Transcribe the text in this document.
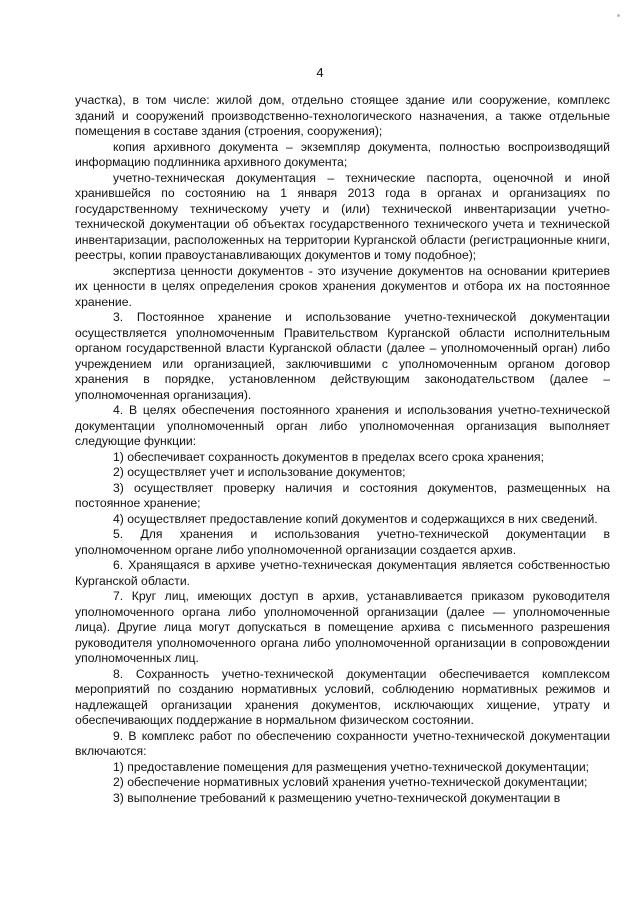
4

участка), в том числе: жилой дом, отдельно стоящее здание или сооружение, комплекс зданий и сооружений производственно-технологического назначения, а также отдельные помещения в составе здания (строения, сооружения);

копия архивного документа – экземпляр документа, полностью воспроизводящий информацию подлинника архивного документа;

учетно-техническая документация – технические паспорта, оценочной и иной хранившейся по состоянию на 1 января 2013 года в органах и организациях по государственному техническому учету и (или) технической инвентаризации учетно-технической документации об объектах государственного технического учета и технической инвентаризации, расположенных на территории Курганской области (регистрационные книги, реестры, копии правоустанавливающих документов и тому подобное);

экспертиза ценности документов - это изучение документов на основании критериев их ценности в целях определения сроков хранения документов и отбора их на постоянное хранение.

3. Постоянное хранение и использование учетно-технической документации осуществляется уполномоченным Правительством Курганской области исполнительным органом государственной власти Курганской области (далее – уполномоченный орган) либо учреждением или организацией, заключившими с уполномоченным органом договор хранения в порядке, установленном действующим законодательством (далее – уполномоченная организация).

4. В целях обеспечения постоянного хранения и использования учетно-технической документации уполномоченный орган либо уполномоченная организация выполняет следующие функции:

1) обеспечивает сохранность документов в пределах всего срока хранения;

2) осуществляет учет и использование документов;

3) осуществляет проверку наличия и состояния документов, размещенных на постоянное хранение;

4) осуществляет предоставление копий документов и содержащихся в них сведений.

5. Для хранения и использования учетно-технической документации в уполномоченном органе либо уполномоченной организации создается архив.

6. Хранящаяся в архиве учетно-техническая документация является собственностью Курганской области.

7. Круг лиц, имеющих доступ в архив, устанавливается приказом руководителя уполномоченного органа либо уполномоченной организации (далее — уполномоченные лица). Другие лица могут допускаться в помещение архива с письменного разрешения руководителя уполномоченного органа либо уполномоченной организации в сопровождении уполномоченных лиц.

8. Сохранность учетно-технической документации обеспечивается комплексом мероприятий по созданию нормативных условий, соблюдению нормативных режимов и надлежащей организации хранения документов, исключающих хищение, утрату и обеспечивающих поддержание в нормальном физическом состоянии.

9. В комплекс работ по обеспечению сохранности учетно-технической документации включаются:

1) предоставление помещения для размещения учетно-технической документации;

2) обеспечение нормативных условий хранения учетно-технической документации;

3) выполнение требований к размещению учетно-технической документации в
